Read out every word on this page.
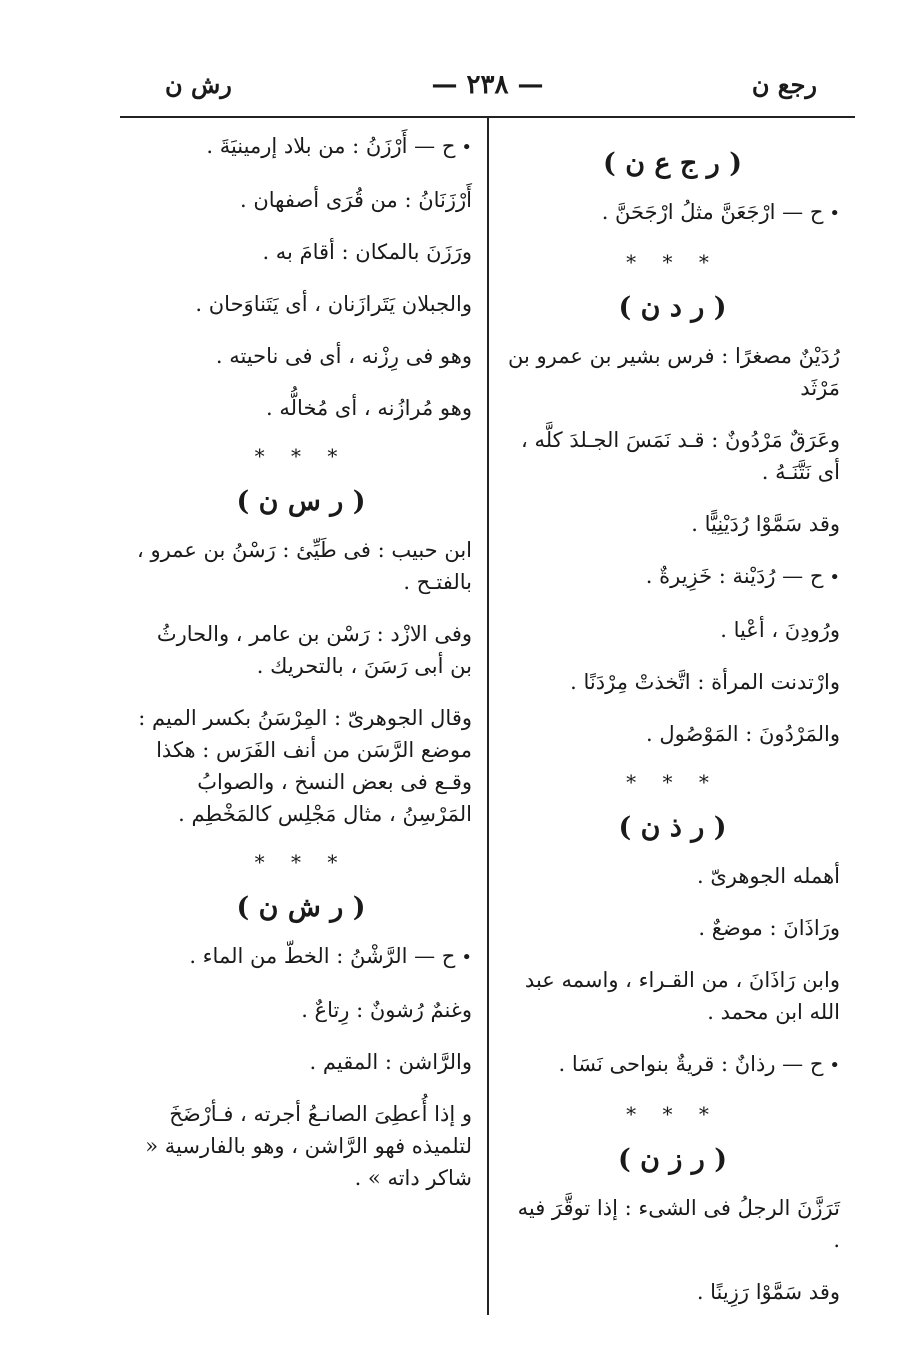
رجع ن
— ٢٣٨ —
رش ن
( ر ج ع ن )
• ح — ارْجَعَنَّ مثلُ ارْجَحَنَّ .
* * *
( ر د ن )
رُدَيْنٌ مصغرًا : فرس بشير بن عمرو بن مَرْثَد
وعَرَقٌ مَرْدُونٌ : قـد نَمَسَ الجـلدَ كلَّه ، أى نَتَّنَـهُ .
وقد سَمَّوْا رُدَيْنِيًّا .
• ح — رُدَيْنة : خَزِيرةٌ .
ورُودِنَ ، أعْيا .
وارْتدنت المرأة : اتَّخذتْ مِرْدَنًا .
والمَرْدُونَ : المَوْصُول .
* * *
( ر ذ ن )
أهمله الجوهرىّ .
ورَاذَانَ : موضعٌ .
وابن رَاذَانَ ، من القـراء ، واسمه عبد الله ابن محمد .
• ح — رذانٌ : قريةٌ بنواحى نَسَا .
* * *
( ر ز ن )
تَرَزَّنَ الرجلُ فى الشىء : إذا توقَّرَ فيه .
وقد سَمَّوْا رَزِينًا .
• ح — أَرْزَنُ : من بلاد إرمينيَةَ .
أَرْزَنَانُ : من قُرَى أصفهان .
ورَزَنَ بالمكان : أقامَ به .
والجبلان يَتَرازَنان ، أى يَتَناوَحان .
وهو فى رِزْنه ، أى فى ناحيته .
وهو مُرازُنه ، أى مُخالُّه .
* * *
( ر س ن )
ابن حبيب : فى طَيِّئ : رَسْنُ بن عمرو ، بالفتـح .
وفى الازْد : رَسْن بن عامر ، والحارثُ بن أبى رَسَنَ ، بالتحريك .
وقال الجوهرىّ : المِرْسَنُ بكسر الميم : موضع الرَّسَن من أنف الفَرَس : هكذا وقـع فى بعض النسخ ، والصوابُ المَرْسِنُ ، مثال مَجْلِس كالمَخْطِم .
* * *
( ر ش ن )
• ح — الرَّشْنُ : الخطّ من الماء .
وغنمٌ رُشونٌ : رِتاعٌ .
والرَّاشن : المقيم .
و إذا أُعطِىَ الصانـعُ أجرته ، فـأرْضَخَ لتلميذه فهو الرَّاشن ، وهو بالفارسية « شاكر داته » .
